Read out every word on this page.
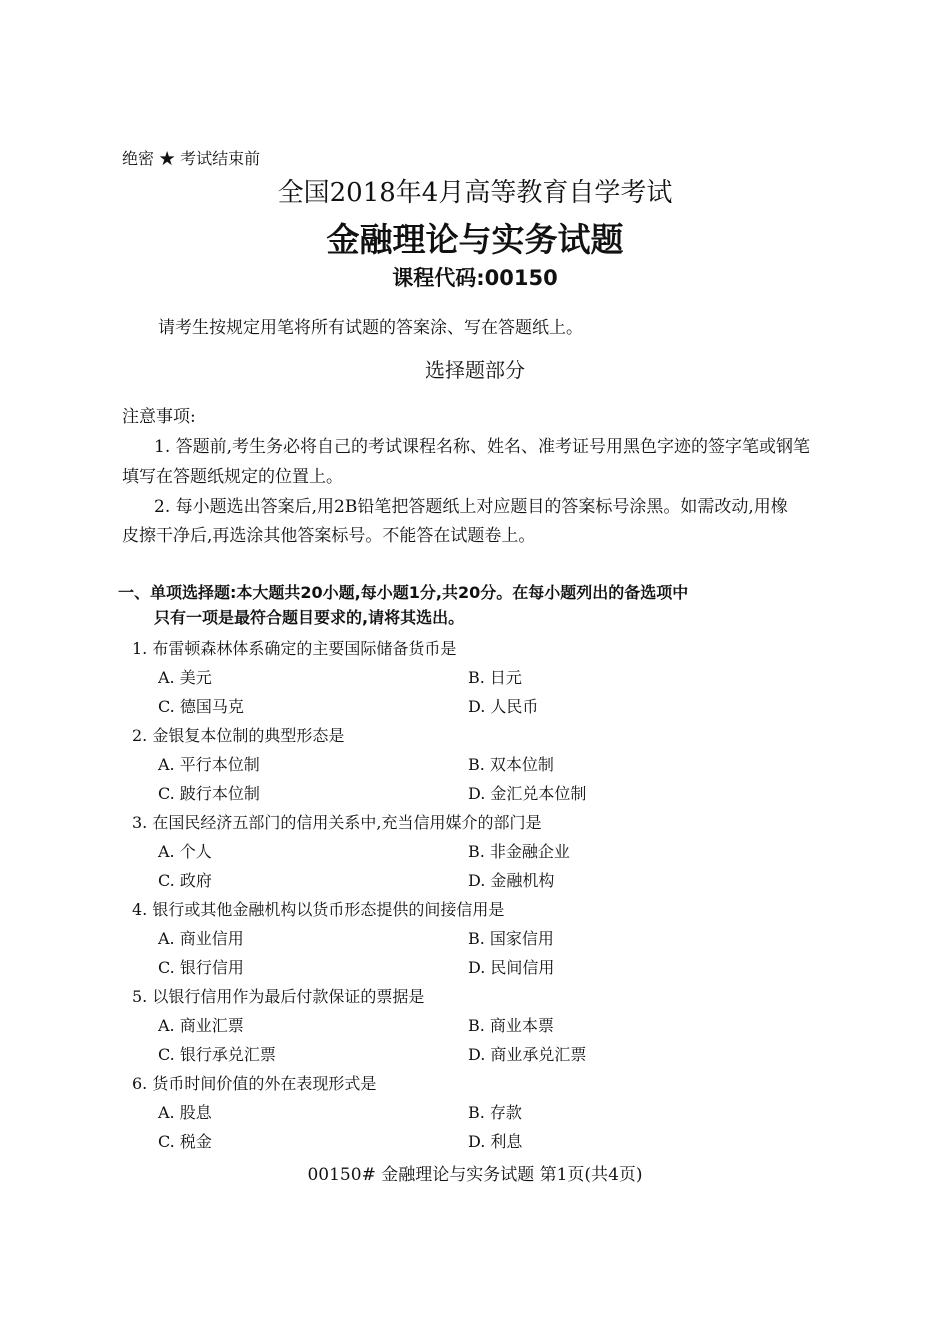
绝密 ★ 考试结束前
全国2018年4月高等教育自学考试
金融理论与实务试题
课程代码:00150
请考生按规定用笔将所有试题的答案涂、写在答题纸上。
选择题部分
注意事项:
1. 答题前,考生务必将自己的考试课程名称、姓名、准考证号用黑色字迹的签字笔或钢笔
填写在答题纸规定的位置上。
2. 每小题选出答案后,用2B铅笔把答题纸上对应题目的答案标号涂黑。如需改动,用橡
皮擦干净后,再选涂其他答案标号。不能答在试题卷上。
一、单项选择题:本大题共20小题,每小题1分,共20分。在每小题列出的备选项中
只有一项是最符合题目要求的,请将其选出。
1. 布雷顿森林体系确定的主要国际储备货币是
A. 美元	B. 日元
C. 德国马克	D. 人民币
2. 金银复本位制的典型形态是
A. 平行本位制	B. 双本位制
C. 跛行本位制	D. 金汇兑本位制
3. 在国民经济五部门的信用关系中,充当信用媒介的部门是
A. 个人	B. 非金融企业
C. 政府	D. 金融机构
4. 银行或其他金融机构以货币形态提供的间接信用是
A. 商业信用	B. 国家信用
C. 银行信用	D. 民间信用
5. 以银行信用作为最后付款保证的票据是
A. 商业汇票	B. 商业本票
C. 银行承兑汇票	D. 商业承兑汇票
6. 货币时间价值的外在表现形式是
A. 股息	B. 存款
C. 税金	D. 利息
00150# 金融理论与实务试题 第1页(共4页)
